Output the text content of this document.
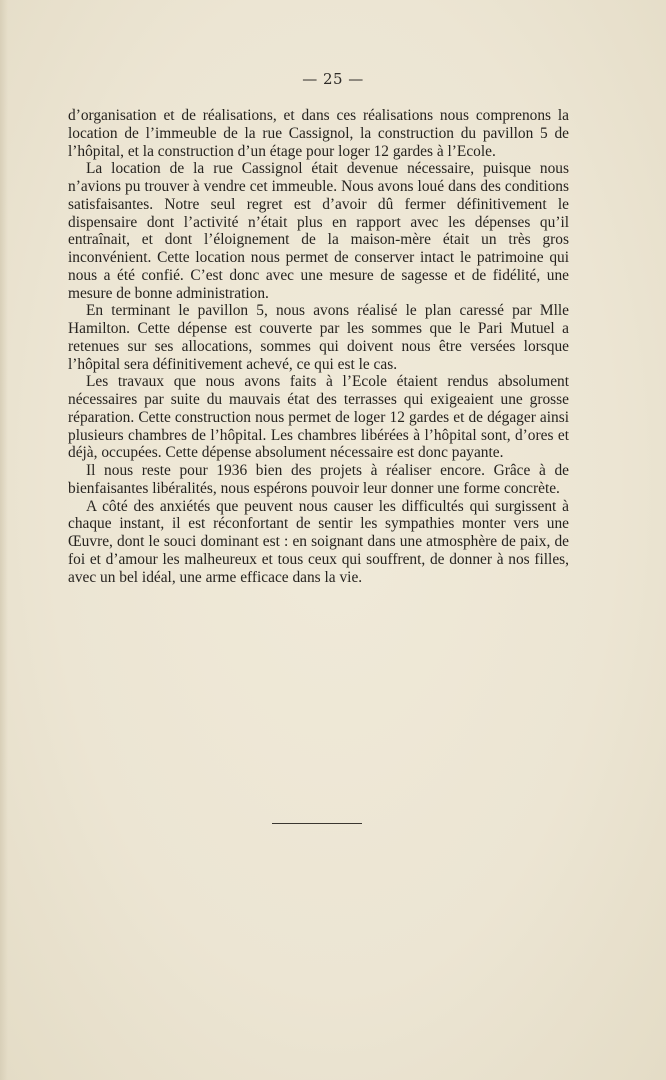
— 25 —

d’organisation et de réalisations, et dans ces réalisations nous comprenons la location de l’immeuble de la rue Cassignol, la construction du pavillon 5 de l’hôpital, et la construction d’un étage pour loger 12 gardes à l’Ecole.

La location de la rue Cassignol était devenue nécessaire, puisque nous n’avions pu trouver à vendre cet immeuble. Nous avons loué dans des conditions satisfaisantes. Notre seul regret est d’avoir dû fermer définitivement le dispensaire dont l’activité n’était plus en rapport avec les dépenses qu’il entraînait, et dont l’éloignement de la maison-mère était un très gros inconvénient. Cette location nous permet de conserver intact le patrimoine qui nous a été confié. C’est donc avec une mesure de sagesse et de fidélité, une mesure de bonne administration.

En terminant le pavillon 5, nous avons réalisé le plan caressé par Mlle Hamilton. Cette dépense est couverte par les sommes que le Pari Mutuel a retenues sur ses allocations, sommes qui doivent nous être versées lorsque l’hôpital sera définitivement achevé, ce qui est le cas.

Les travaux que nous avons faits à l’Ecole étaient rendus absolument nécessaires par suite du mauvais état des terrasses qui exigeaient une grosse réparation. Cette construction nous permet de loger 12 gardes et de dégager ainsi plusieurs chambres de l’hôpital. Les chambres libérées à l’hôpital sont, d’ores et déjà, occupées. Cette dépense absolument nécessaire est donc payante.

Il nous reste pour 1936 bien des projets à réaliser encore. Grâce à de bienfaisantes libéralités, nous espérons pouvoir leur donner une forme concrète.

A côté des anxiétés que peuvent nous causer les difficultés qui surgissent à chaque instant, il est réconfortant de sentir les sympathies monter vers une Œuvre, dont le souci dominant est : en soignant dans une atmosphère de paix, de foi et d’amour les malheureux et tous ceux qui souffrent, de donner à nos filles, avec un bel idéal, une arme efficace dans la vie.
